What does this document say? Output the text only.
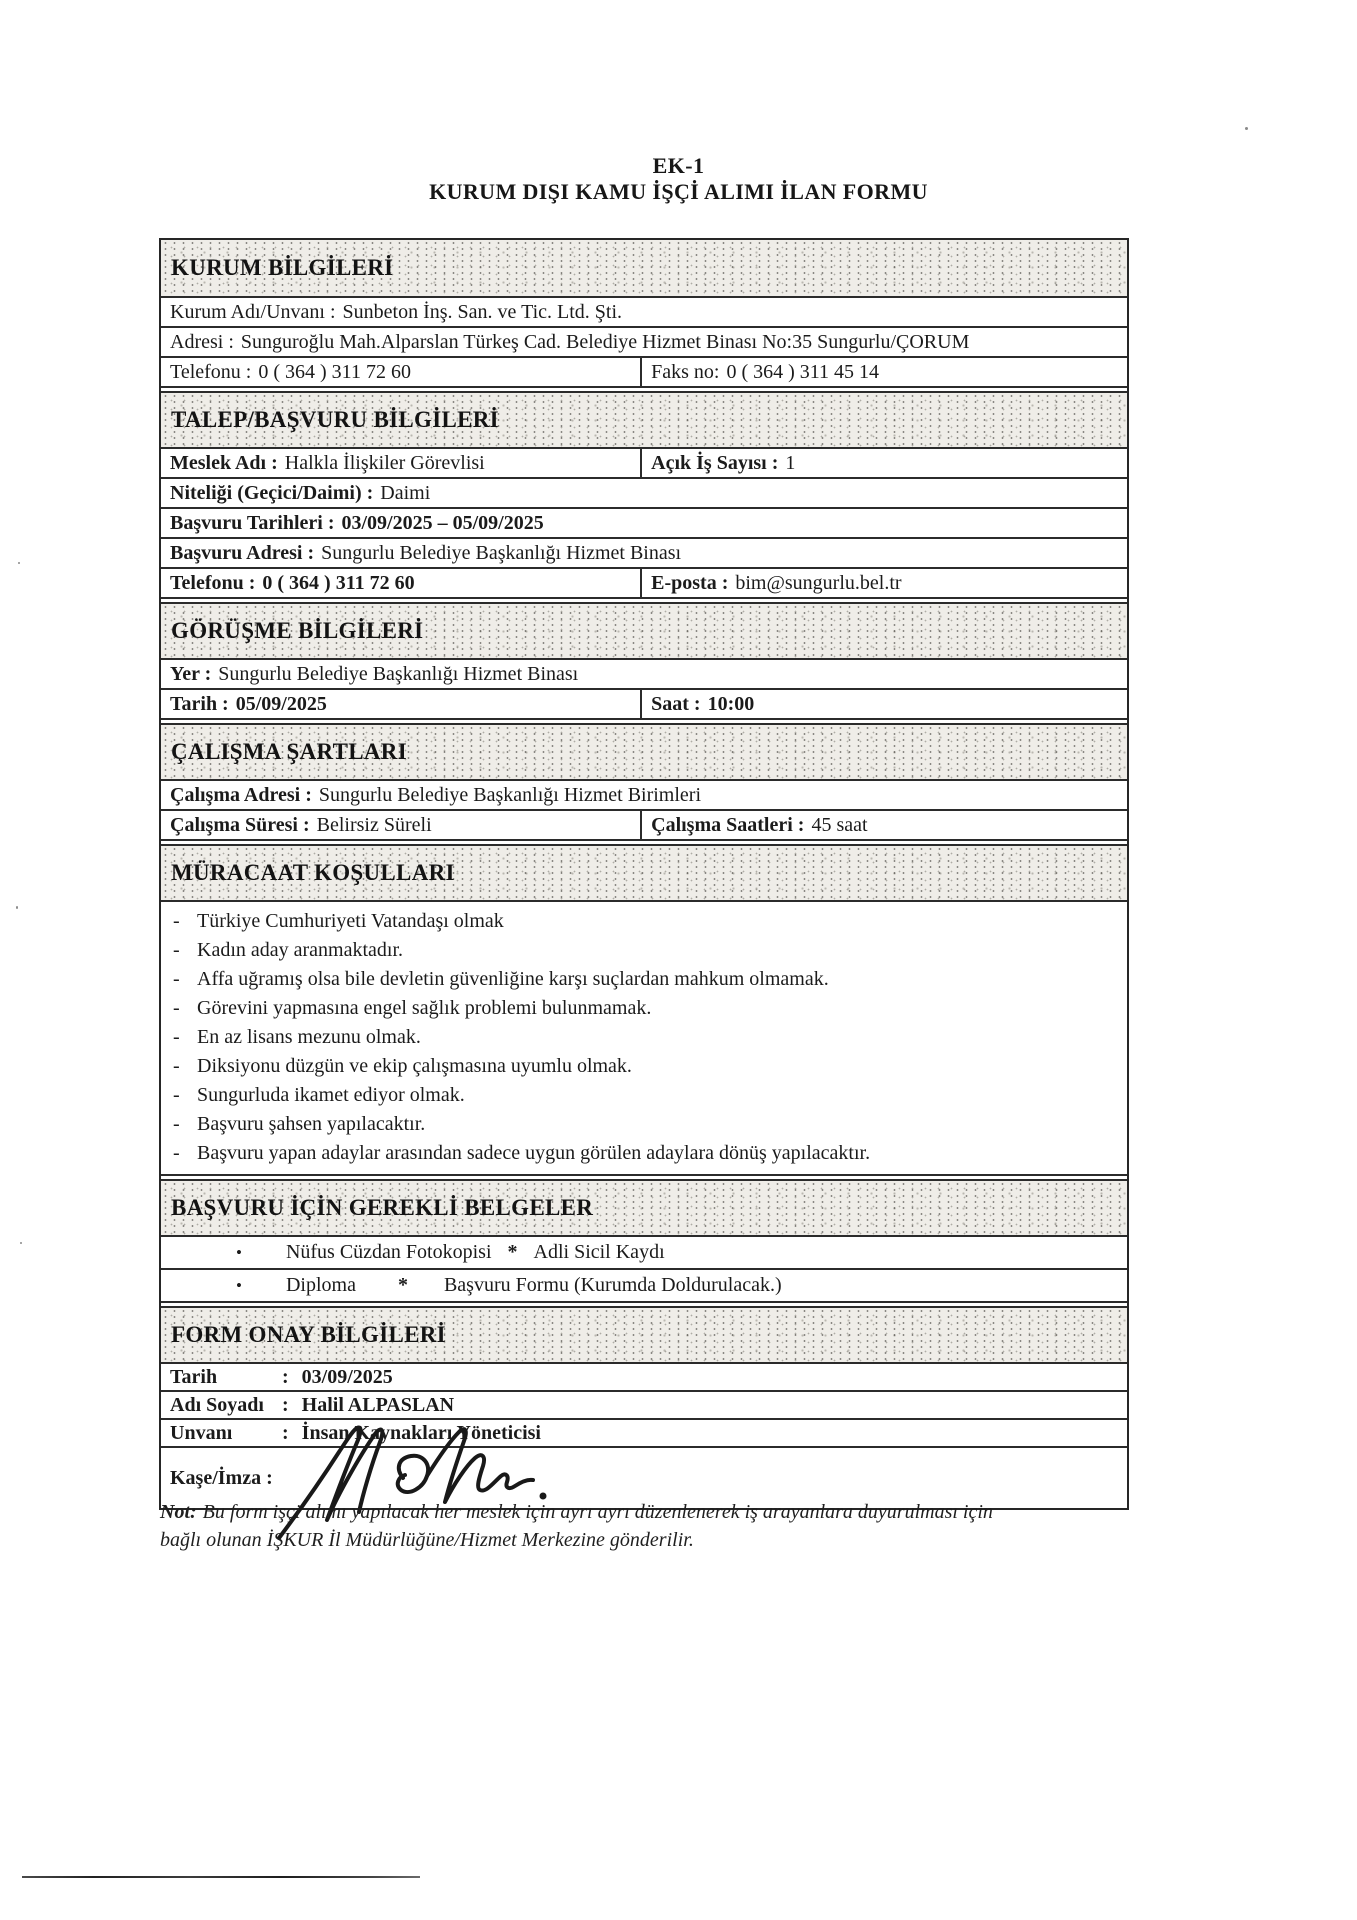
EK-1
KURUM DIŞI KAMU İŞÇİ ALIMI İLAN FORMU
KURUM BİLGİLERİ
Kurum Adı/Unvanı : Sunbeton İnş. San. ve Tic. Ltd. Şti.
Adresi : Sunguroğlu Mah.Alparslan Türkeş Cad. Belediye Hizmet Binası No:35 Sungurlu/ÇORUM
Telefonu : 0 ( 364 ) 311 72 60	Faks no: 0 ( 364 ) 311 45 14
TALEP/BAŞVURU BİLGİLERİ
Meslek Adı : Halkla İlişkiler Görevlisi	Açık İş Sayısı : 1
Niteliği (Geçici/Daimi) : Daimi
Başvuru Tarihleri : 03/09/2025 – 05/09/2025
Başvuru Adresi : Sungurlu Belediye Başkanlığı Hizmet Binası
Telefonu : 0 ( 364 ) 311 72 60	E-posta : bim@sungurlu.bel.tr
GÖRÜŞME BİLGİLERİ
Yer : Sungurlu Belediye Başkanlığı Hizmet Binası
Tarih : 05/09/2025	Saat : 10:00
ÇALIŞMA ŞARTLARI
Çalışma Adresi : Sungurlu Belediye Başkanlığı Hizmet Birimleri
Çalışma Süresi : Belirsiz Süreli	Çalışma Saatleri : 45 saat
MÜRACAAT KOŞULLARI
- Türkiye Cumhuriyeti Vatandaşı olmak
- Kadın aday aranmaktadır.
- Affa uğramış olsa bile devletin güvenliğine karşı suçlardan mahkum olmamak.
- Görevini yapmasına engel sağlık problemi bulunmamak.
- En az lisans mezunu olmak.
- Diksiyonu düzgün ve ekip çalışmasına uyumlu olmak.
- Sungurluda ikamet ediyor olmak.
- Başvuru şahsen yapılacaktır.
- Başvuru yapan adaylar arasından sadece uygun görülen adaylara dönüş yapılacaktır.
BAŞVURU İÇİN GEREKLİ BELGELER
• Nüfus Cüzdan Fotokopisi * Adli Sicil Kaydı
• Diploma * Başvuru Formu (Kurumda Doldurulacak.)
FORM ONAY BİLGİLERİ
Tarih	: 03/09/2025
Adı Soyadı : Halil ALPASLAN
Unvanı	: İnsan Kaynakları Yöneticisi
Kaşe/İmza :
Not: Bu form işçi alımı yapılacak her meslek için ayrı ayrı düzenlenerek iş arayanlara duyurulması için
bağlı olunan İŞKUR İl Müdürlüğüne/Hizmet Merkezine gönderilir.
